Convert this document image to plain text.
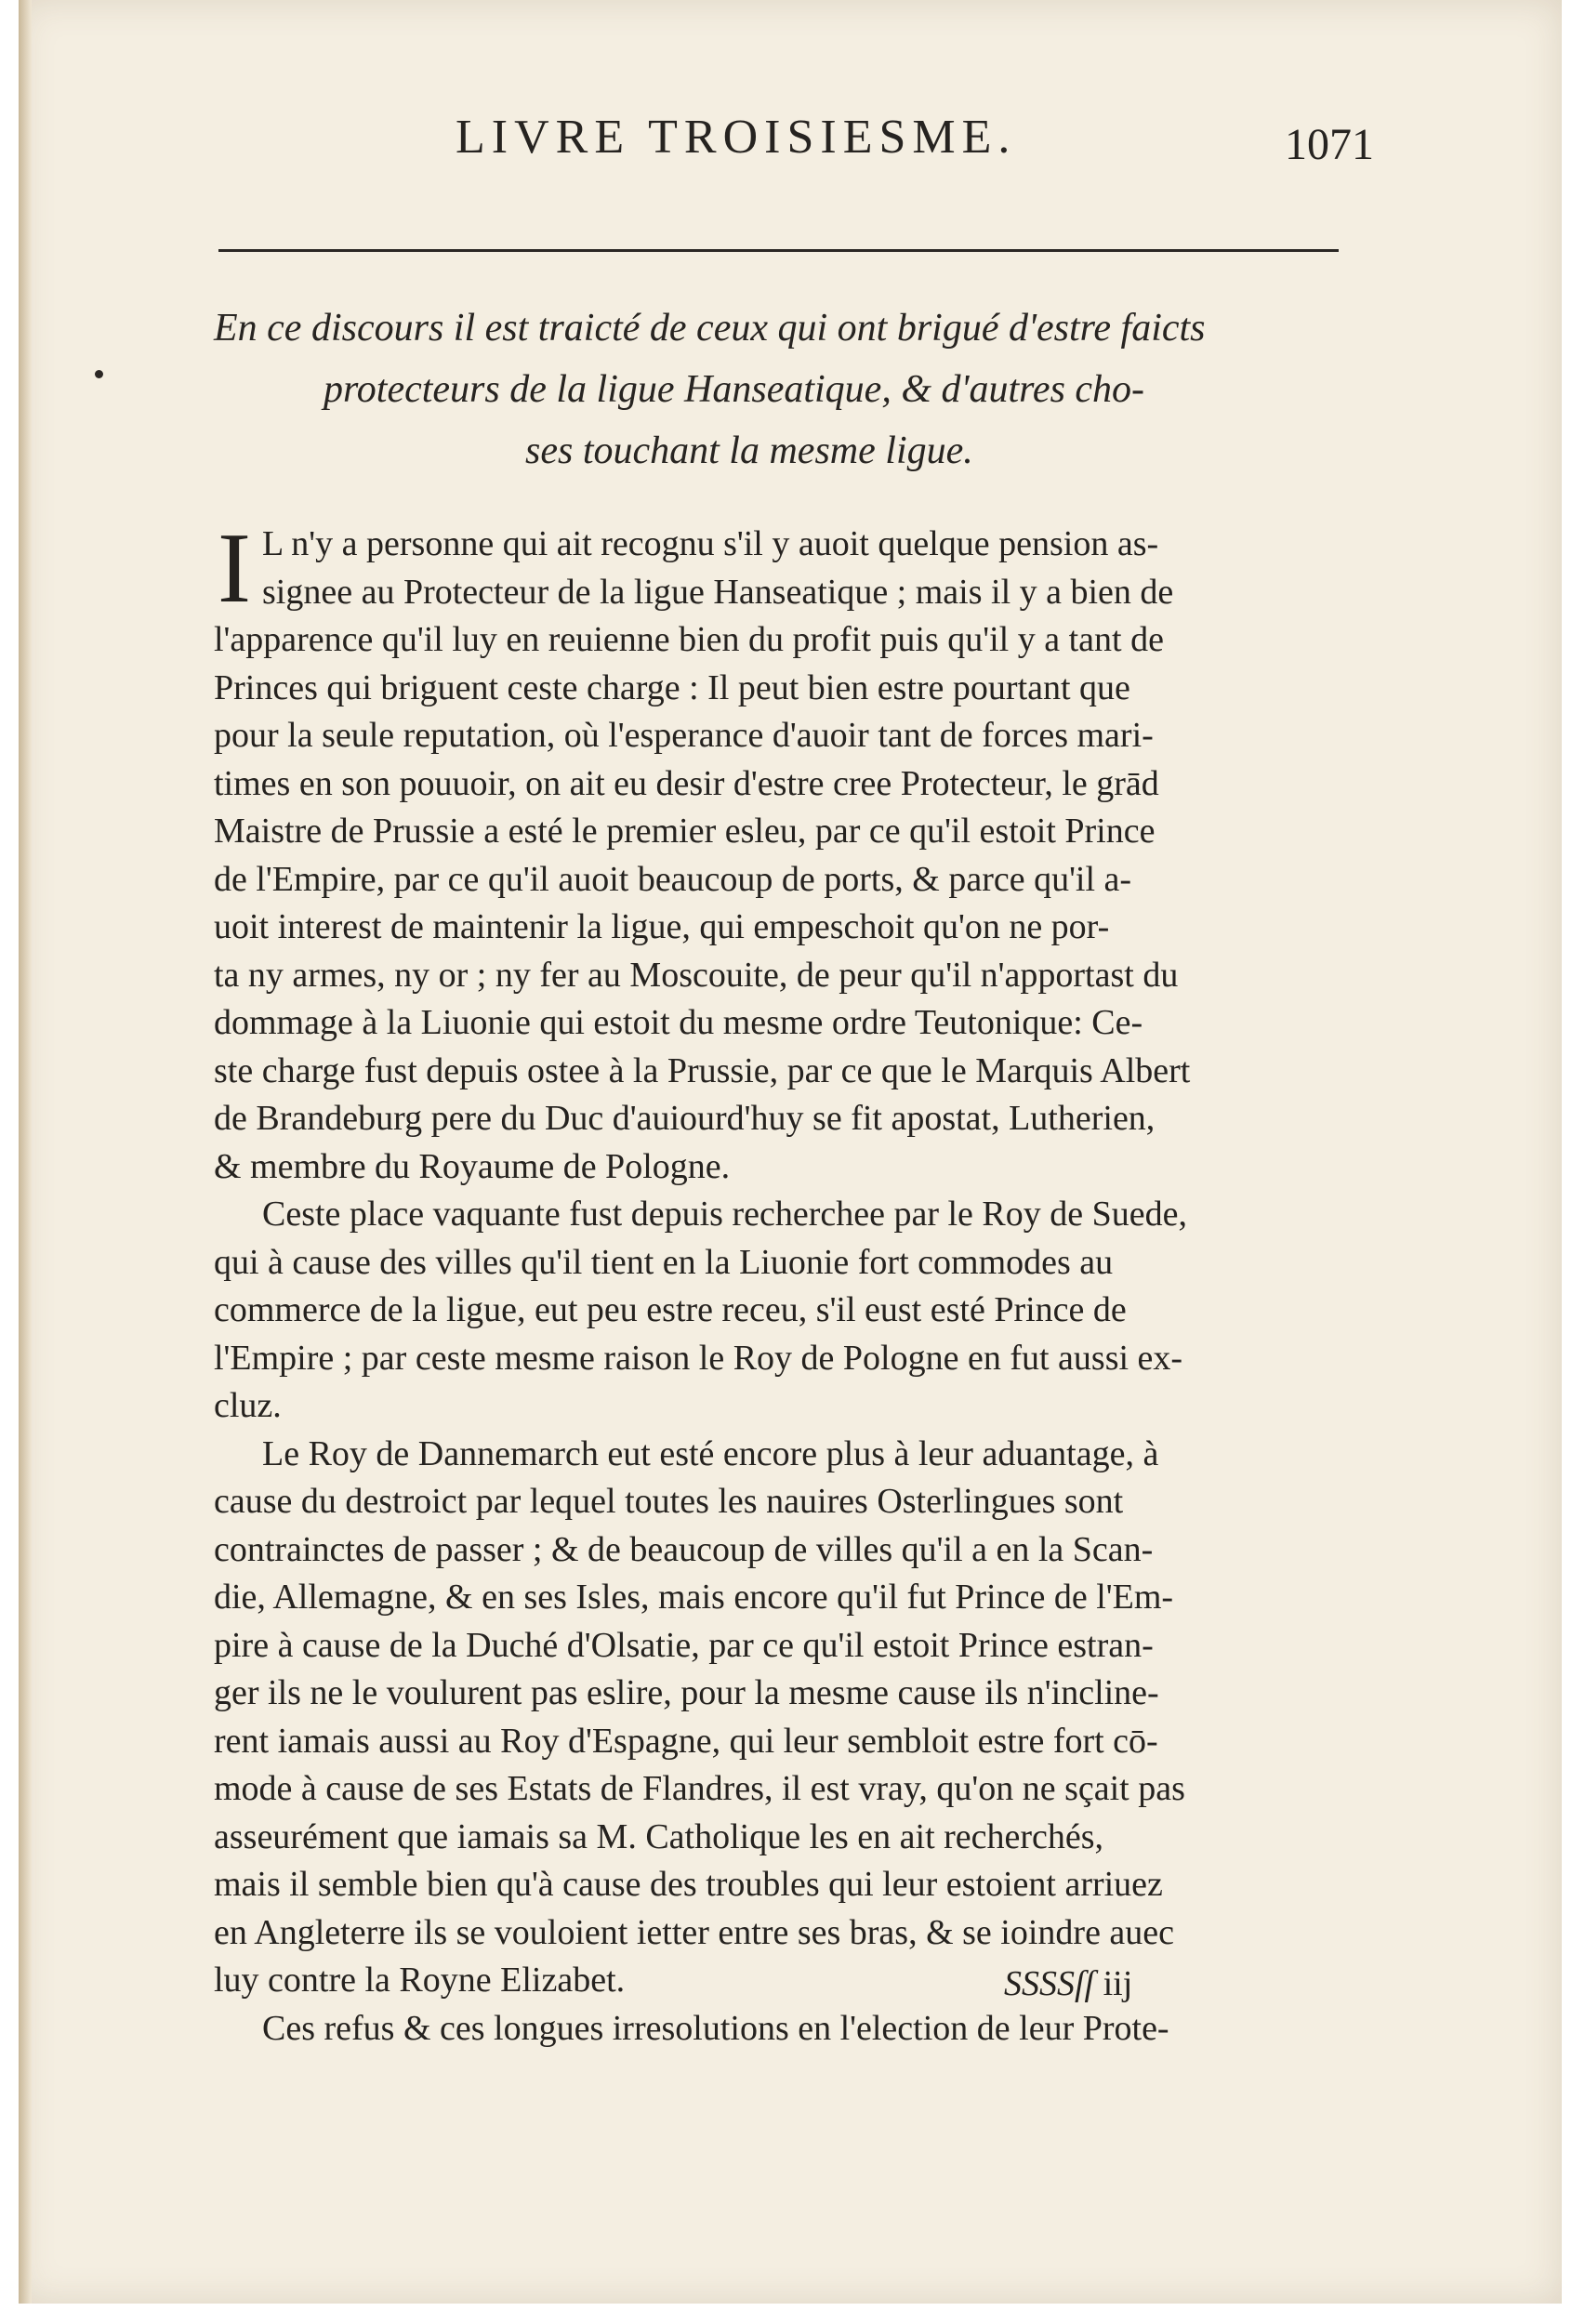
LIVRE TROISIESME.	1071
En ce discours il est traicté de ceux qui ont brigué d'estre faicts
protecteurs de la ligue Hanseatique, & d'autres cho-
ses touchant la mesme ligue.
I L n'y a personne qui ait recognu s'il y auoit quelque pension as-
signee au Protecteur de la ligue Hanseatique ; mais il y a bien de
l'apparence qu'il luy en reuienne bien du profit puis qu'il y a tant de
Princes qui briguent ceste charge : Il peut bien estre pourtant que
pour la seule reputation, où l'esperance d'auoir tant de forces mari-
times en son pouuoir, on ait eu desir d'estre cree Protecteur, le grād
Maistre de Prussie a esté le premier esleu, par ce qu'il estoit Prince
de l'Empire, par ce qu'il auoit beaucoup de ports, & parce qu'il a-
uoit interest de maintenir la ligue, qui empeschoit qu'on ne por-
ta ny armes, ny or ; ny fer au Moscouite, de peur qu'il n'apportast du
dommage à la Liuonie qui estoit du mesme ordre Teutonique: Ce-
ste charge fust depuis ostee à la Prussie, par ce que le Marquis Albert
de Brandeburg pere du Duc d'auiourd'huy se fit apostat, Lutherien,
& membre du Royaume de Pologne.
Ceste place vaquante fust depuis recherchee par le Roy de Suede,
qui à cause des villes qu'il tient en la Liuonie fort commodes au
commerce de la ligue, eut peu estre receu, s'il eust esté Prince de
l'Empire ; par ceste mesme raison le Roy de Pologne en fut aussi ex-
cluz.
Le Roy de Dannemarch eut esté encore plus à leur aduantage, à
cause du destroict par lequel toutes les nauires Osterlingues sont
contrainctes de passer ; & de beaucoup de villes qu'il a en la Scan-
die, Allemagne, & en ses Isles, mais encore qu'il fut Prince de l'Em-
pire à cause de la Duché d'Olsatie, par ce qu'il estoit Prince estran-
ger ils ne le voulurent pas eslire, pour la mesme cause ils n'incline-
rent iamais aussi au Roy d'Espagne, qui leur sembloit estre fort cō-
mode à cause de ses Estats de Flandres, il est vray, qu'on ne sçait pas
asseurément que iamais sa M. Catholique les en ait recherchés,
mais il semble bien qu'à cause des troubles qui leur estoient arriuez
en Angleterre ils se vouloient ietter entre ses bras, & se ioindre auec
luy contre la Royne Elizabet.
Ces refus & ces longues irresolutions en l'election de leur Prote-
SSSSſſ iij
